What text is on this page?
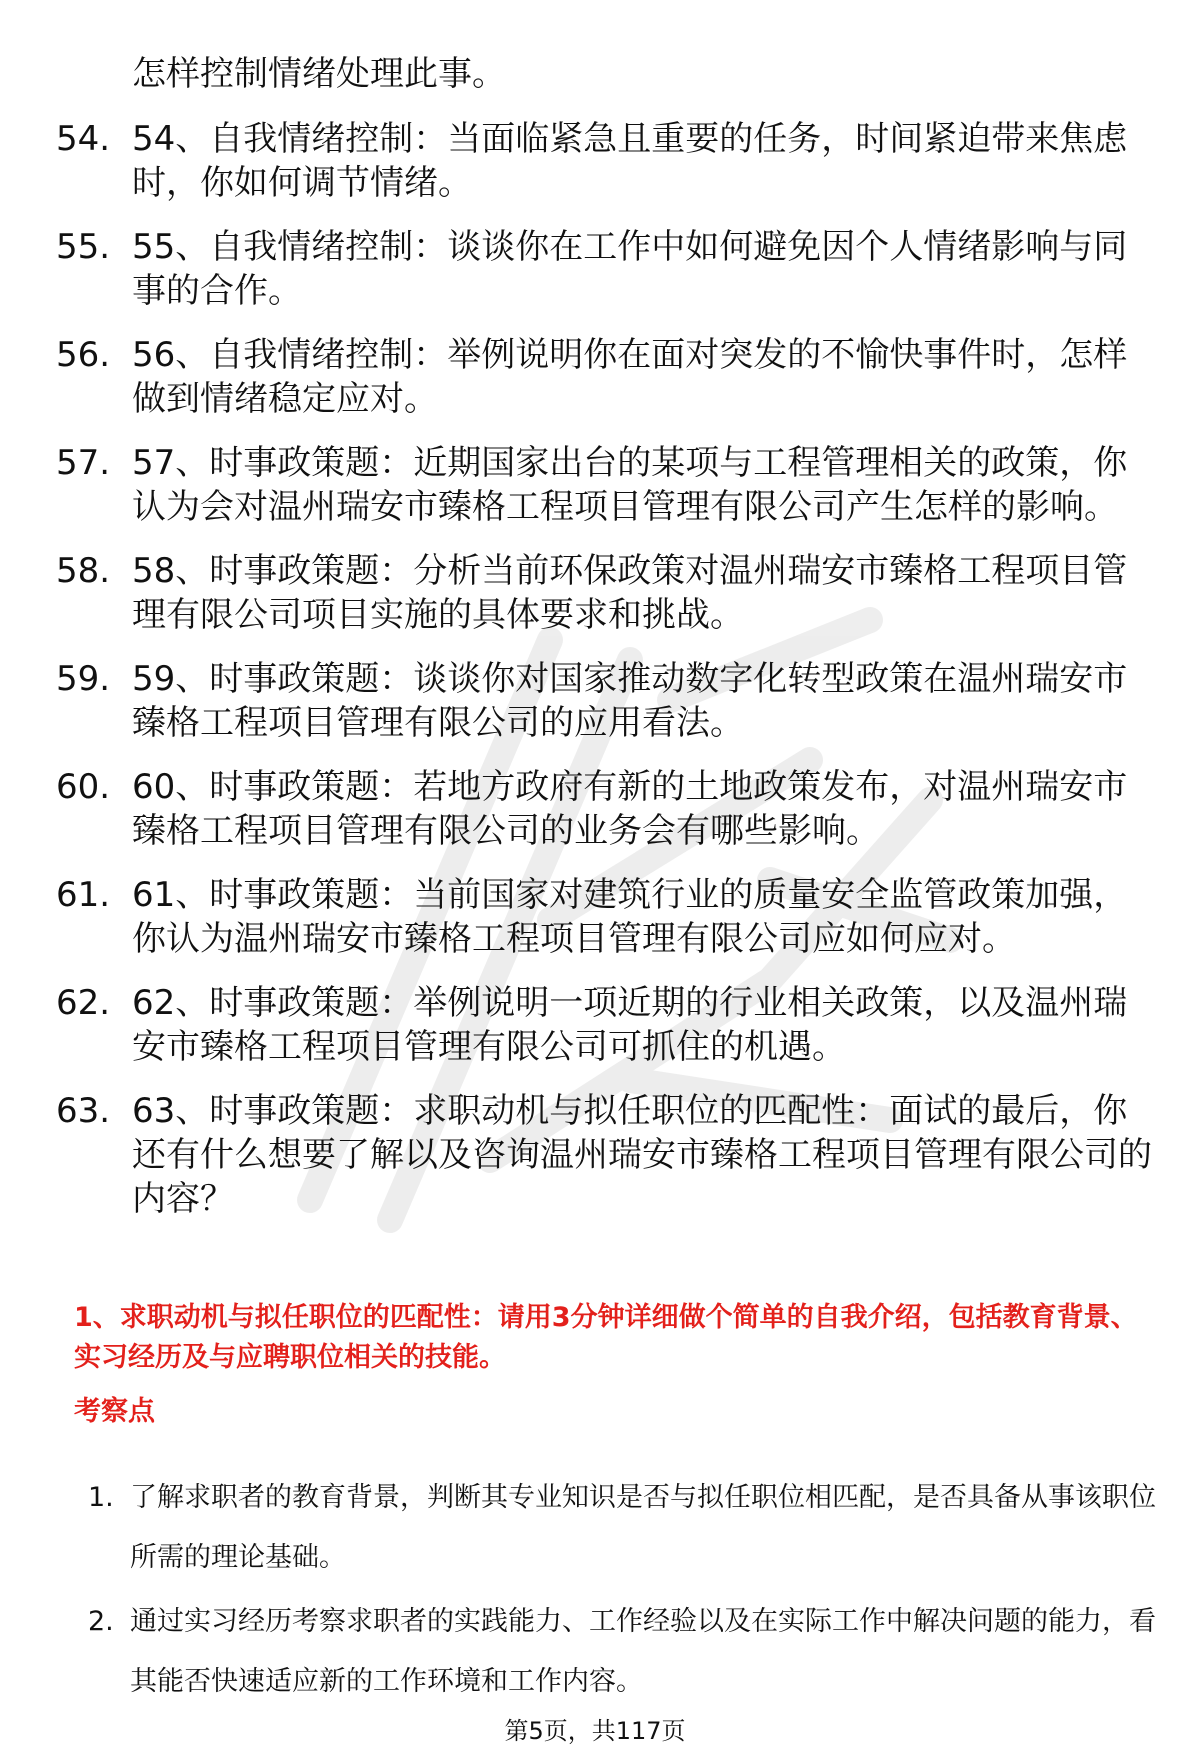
怎样控制情绪处理此事。
54. 54、自我情绪控制：当面临紧急且重要的任务，时间紧迫带来焦虑时，你如何调节情绪。
55. 55、自我情绪控制：谈谈你在工作中如何避免因个人情绪影响与同事的合作。
56. 56、自我情绪控制：举例说明你在面对突发的不愉快事件时，怎样做到情绪稳定应对。
57. 57、时事政策题：近期国家出台的某项与工程管理相关的政策，你认为会对温州瑞安市臻格工程项目管理有限公司产生怎样的影响。
58. 58、时事政策题：分析当前环保政策对温州瑞安市臻格工程项目管理有限公司项目实施的具体要求和挑战。
59. 59、时事政策题：谈谈你对国家推动数字化转型政策在温州瑞安市臻格工程项目管理有限公司的应用看法。
60. 60、时事政策题：若地方政府有新的土地政策发布，对温州瑞安市臻格工程项目管理有限公司的业务会有哪些影响。
61. 61、时事政策题：当前国家对建筑行业的质量安全监管政策加强，你认为温州瑞安市臻格工程项目管理有限公司应如何应对。
62. 62、时事政策题：举例说明一项近期的行业相关政策，以及温州瑞安市臻格工程项目管理有限公司可抓住的机遇。
63. 63、时事政策题：求职动机与拟任职位的匹配性：面试的最后，你还有什么想要了解以及咨询温州瑞安市臻格工程项目管理有限公司的内容？
1、求职动机与拟任职位的匹配性：请用3分钟详细做个简单的自我介绍，包括教育背景、实习经历及与应聘职位相关的技能。
考察点
1. 了解求职者的教育背景，判断其专业知识是否与拟任职位相匹配，是否具备从事该职位所需的理论基础。
2. 通过实习经历考察求职者的实践能力、工作经验以及在实际工作中解决问题的能力，看其能否快速适应新的工作环境和工作内容。
第5页，共117页
